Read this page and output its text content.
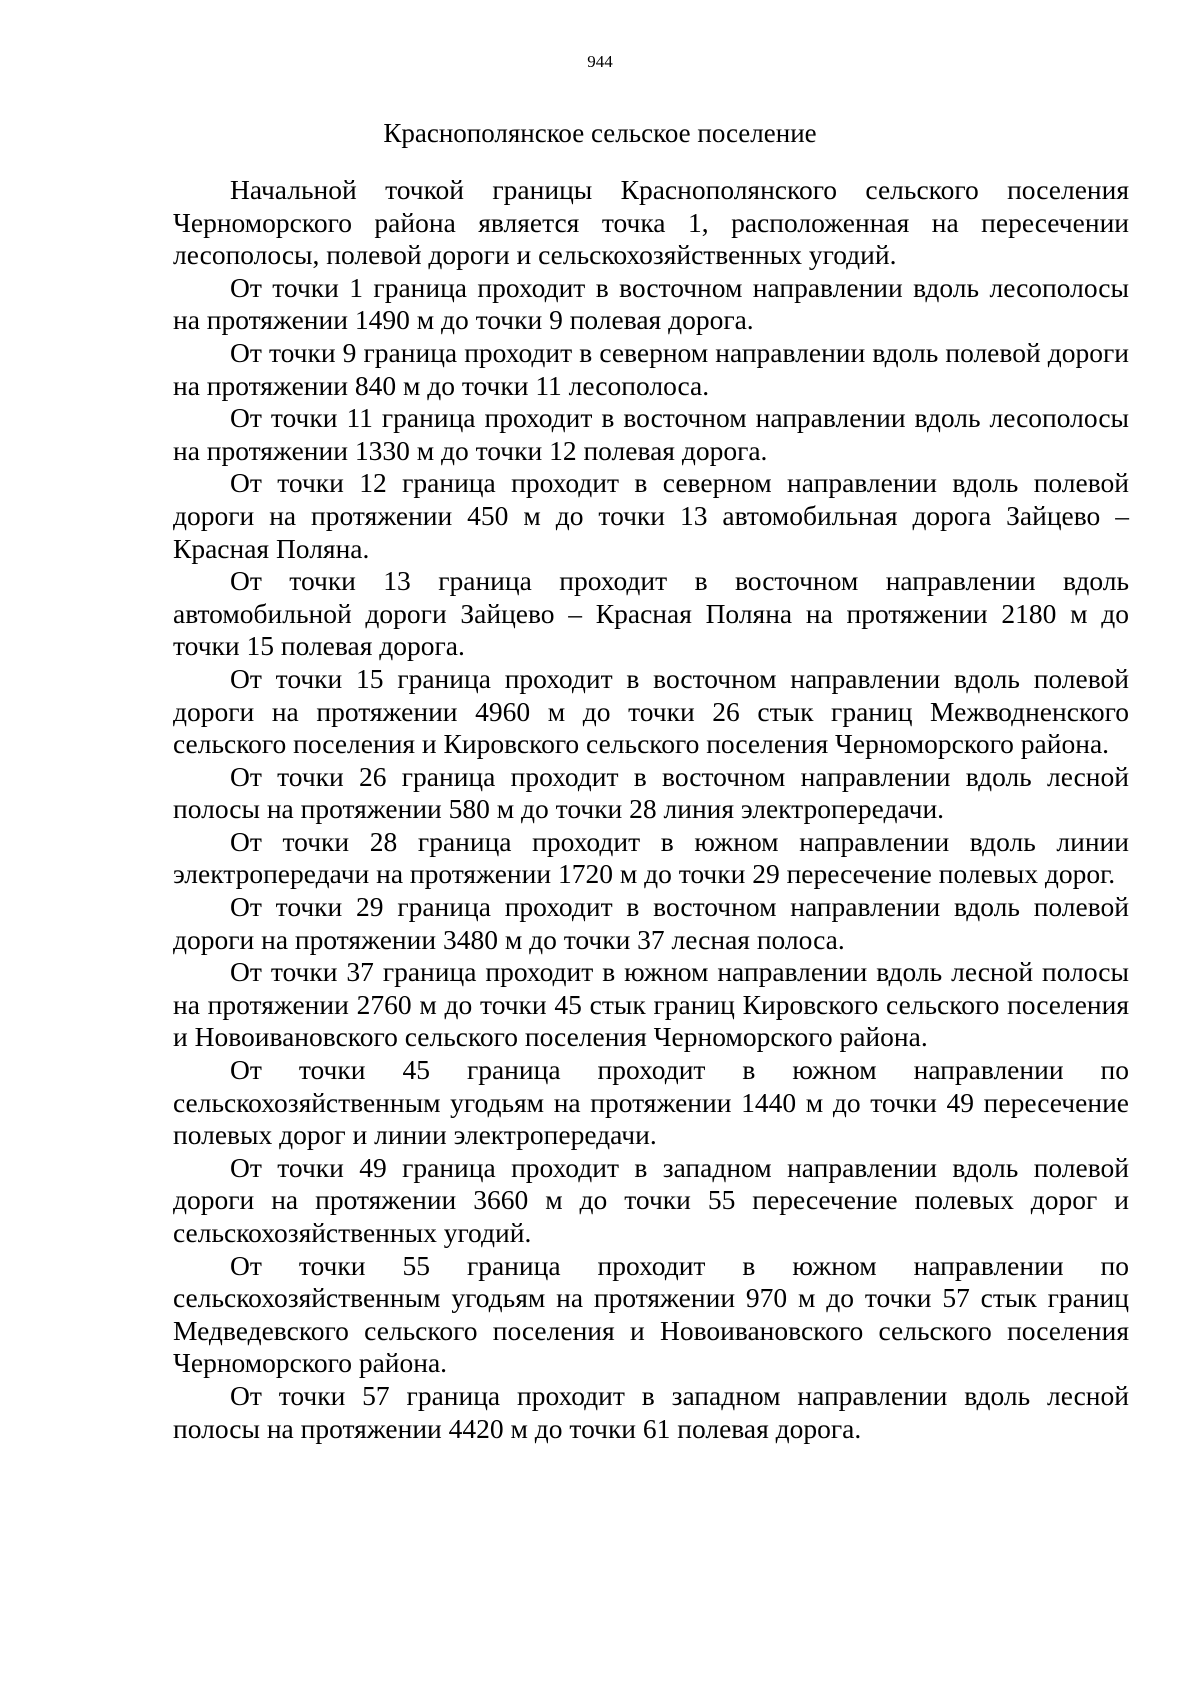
944
Краснополянское сельское поселение

Начальной точкой границы Краснополянского сельского поселения Черноморского района является точка 1, расположенная на пересечении лесополосы, полевой дороги и сельскохозяйственных угодий.

От точки 1 граница проходит в восточном направлении вдоль лесополосы на протяжении 1490 м до точки 9 полевая дорога.

От точки 9 граница проходит в северном направлении вдоль полевой дороги на протяжении 840 м до точки 11 лесополоса.

От точки 11 граница проходит в восточном направлении вдоль лесополосы на протяжении 1330 м до точки 12 полевая дорога.

От точки 12 граница проходит в северном направлении вдоль полевой дороги на протяжении 450 м до точки 13 автомобильная дорога Зайцево – Красная Поляна.

От точки 13 граница проходит в восточном направлении вдоль автомобильной дороги Зайцево – Красная Поляна на протяжении 2180 м до точки 15 полевая дорога.

От точки 15 граница проходит в восточном направлении вдоль полевой дороги на протяжении 4960 м до точки 26 стык границ Межводненского сельского поселения и Кировского сельского поселения Черноморского района.

От точки 26 граница проходит в восточном направлении вдоль лесной полосы на протяжении 580 м до точки 28 линия электропередачи.

От точки 28 граница проходит в южном направлении вдоль линии электропередачи на протяжении 1720 м до точки 29 пересечение полевых дорог.

От точки 29 граница проходит в восточном направлении вдоль полевой дороги на протяжении 3480 м до точки 37 лесная полоса.

От точки 37 граница проходит в южном направлении вдоль лесной полосы на протяжении 2760 м до точки 45 стык границ Кировского сельского поселения и Новоивановского сельского поселения Черноморского района.

От точки 45 граница проходит в южном направлении по сельскохозяйственным угодьям на протяжении 1440 м до точки 49 пересечение полевых дорог и линии электропередачи.

От точки 49 граница проходит в западном направлении вдоль полевой дороги на протяжении 3660 м до точки 55 пересечение полевых дорог и сельскохозяйственных угодий.

От точки 55 граница проходит в южном направлении по сельскохозяйственным угодьям на протяжении 970 м до точки 57 стык границ Медведевского сельского поселения и Новоивановского сельского поселения Черноморского района.

От точки 57 граница проходит в западном направлении вдоль лесной полосы на протяжении 4420 м до точки 61 полевая дорога.
